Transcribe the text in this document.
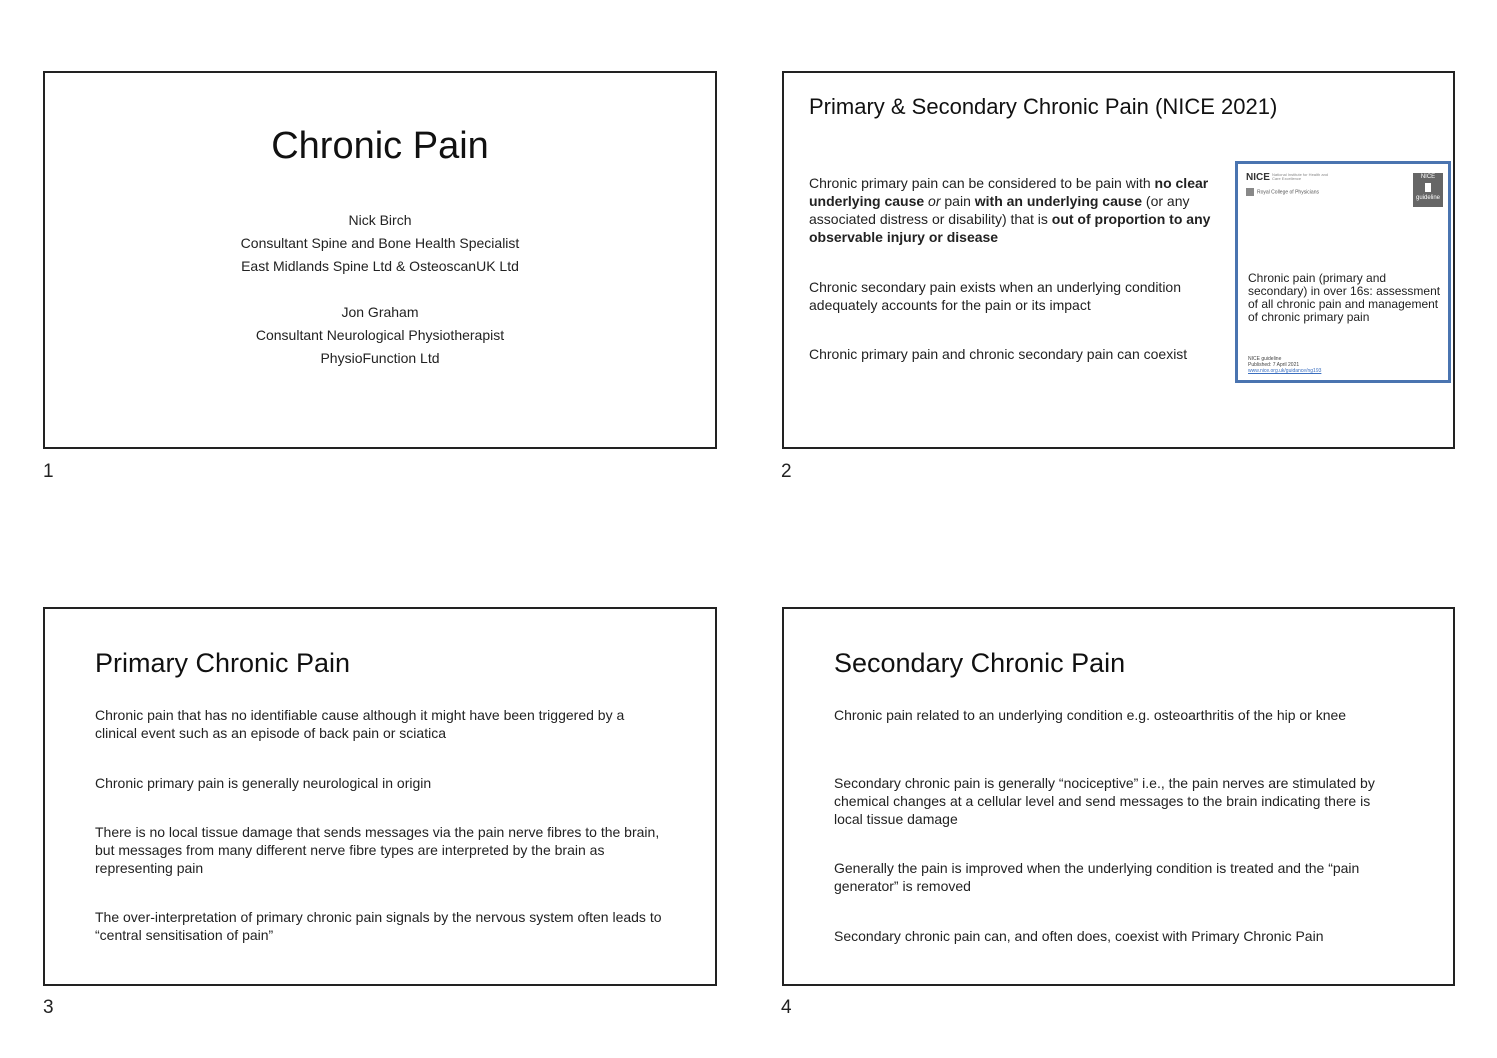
Chronic Pain
Nick Birch
Consultant Spine and Bone Health Specialist
East Midlands Spine Ltd & OsteoscanUK Ltd
Jon Graham
Consultant Neurological Physiotherapist
PhysioFunction Ltd
1
Primary & Secondary Chronic Pain (NICE 2021)
Chronic primary pain can be considered to be pain with no clear underlying cause or pain with an underlying cause (or any associated distress or disability) that is out of proportion to any observable injury or disease
Chronic secondary pain exists when an underlying condition adequately accounts for the pain or its impact
Chronic primary pain and chronic secondary pain can coexist
NICE National Institute for Health and Care Excellence
Royal College of Physicians
NICE
guideline
Chronic pain (primary and secondary) in over 16s: assessment of all chronic pain and management of chronic primary pain
NICE guideline
Published: 7 April 2021
www.nice.org.uk/guidance/ng193
2
Primary Chronic Pain
Chronic pain that has no identifiable cause although it might have been triggered by a clinical event such as an episode of back pain or sciatica
Chronic primary pain is generally neurological in origin
There is no local tissue damage that sends messages via the pain nerve fibres to the brain, but messages from many different nerve fibre types are interpreted by the brain as representing pain
The over-interpretation of primary chronic pain signals by the nervous system often leads to “central sensitisation of pain”
3
Secondary Chronic Pain
Chronic pain related to an underlying condition e.g. osteoarthritis of the hip or knee
Secondary chronic pain is generally “nociceptive” i.e., the pain nerves are stimulated by chemical changes at a cellular level and send messages to the brain indicating there is local tissue damage
Generally the pain is improved when the underlying condition is treated and the “pain generator” is removed
Secondary chronic pain can, and often does, coexist with Primary Chronic Pain
4
